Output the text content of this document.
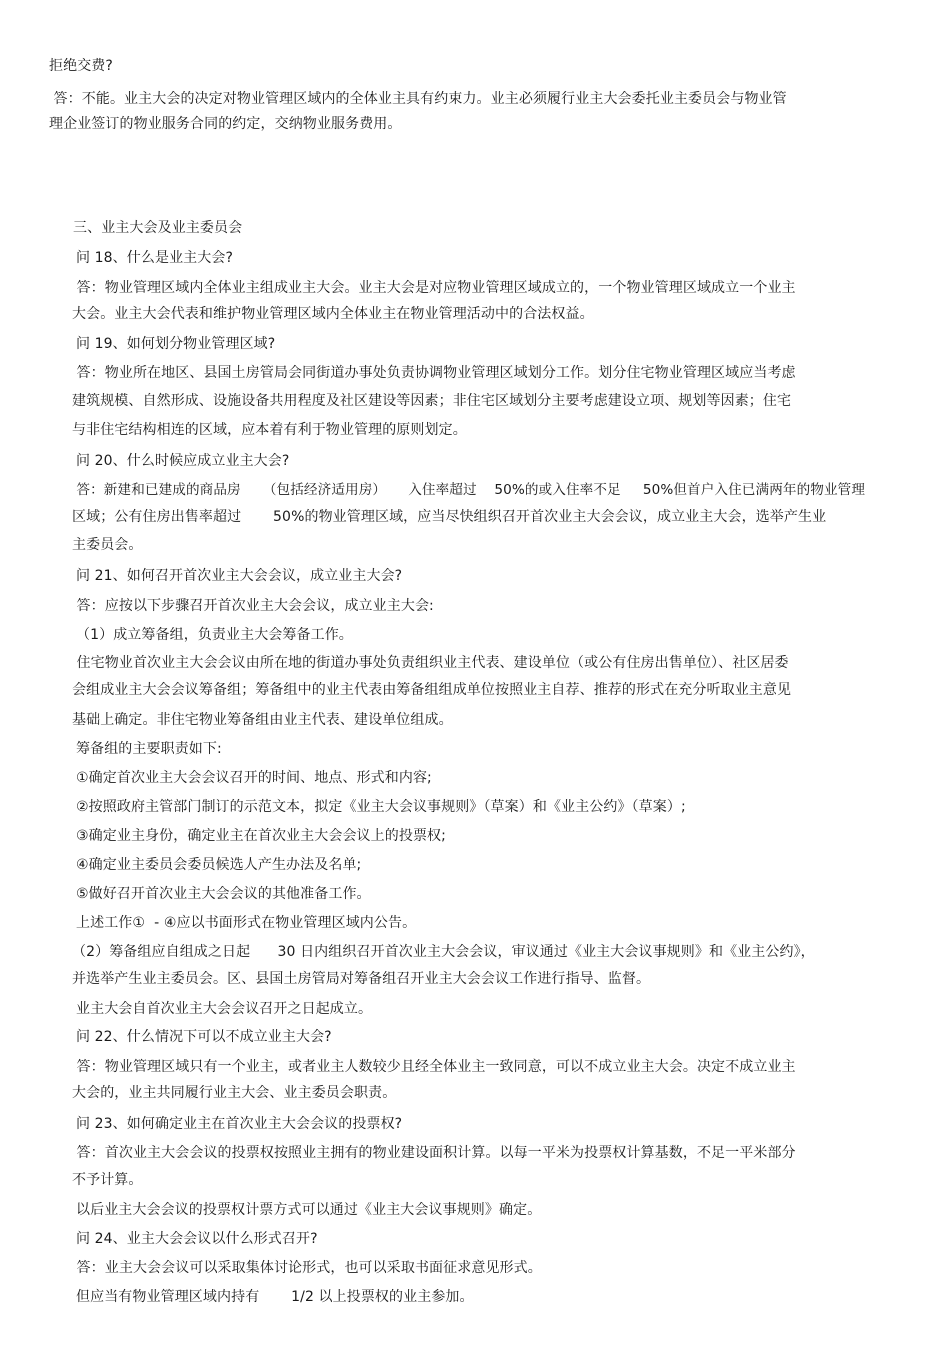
拒绝交费?
答：不能。业主大会的决定对物业管理区域内的全体业主具有约束力。业主必须履行业主大会委托业主委员会与物业管
理企业签订的物业服务合同的约定，交纳物业服务费用。
三、业主大会及业主委员会
问 18、什么是业主大会?
答：物业管理区域内全体业主组成业主大会。业主大会是对应物业管理区域成立的，一个物业管理区域成立一个业主
大会。业主大会代表和维护物业管理区域内全体业主在物业管理活动中的合法权益。
问 19、如何划分物业管理区域?
答：物业所在地区、县国土房管局会同街道办事处负责协调物业管理区域划分工作。划分住宅物业管理区域应当考虑
建筑规模、自然形成、设施设备共用程度及社区建设等因素；非住宅区域划分主要考虑建设立项、规划等因素；住宅
与非住宅结构相连的区域，应本着有利于物业管理的原则划定。
问 20、什么时候应成立业主大会?
答：新建和已建成的商品房     （包括经济适用房）     入住率超过    50%的或入住率不足     50%但首户入住已满两年的物业管理
区域；公有住房出售率超过       50%的物业管理区域，应当尽快组织召开首次业主大会会议，成立业主大会，选举产生业
主委员会。
问 21、如何召开首次业主大会会议，成立业主大会?
答：应按以下步骤召开首次业主大会会议，成立业主大会:
（1）成立筹备组，负责业主大会筹备工作。
住宅物业首次业主大会会议由所在地的街道办事处负责组织业主代表、建设单位（或公有住房出售单位）、社区居委
会组成业主大会会议筹备组；筹备组中的业主代表由筹备组组成单位按照业主自荐、推荐的形式在充分听取业主意见
基础上确定。非住宅物业筹备组由业主代表、建设单位组成。
筹备组的主要职责如下:
①确定首次业主大会会议召开的时间、地点、形式和内容;
②按照政府主管部门制订的示范文本，拟定《业主大会议事规则》（草案）和《业主公约》（草案）;
③确定业主身份，确定业主在首次业主大会会议上的投票权;
④确定业主委员会委员候选人产生办法及名单;
⑤做好召开首次业主大会会议的其他准备工作。
上述工作①  - ④应以书面形式在物业管理区域内公告。
（2）筹备组应自组成之日起      30 日内组织召开首次业主大会会议，审议通过《业主大会议事规则》和《业主公约》，
并选举产生业主委员会。区、县国土房管局对筹备组召开业主大会会议工作进行指导、监督。
业主大会自首次业主大会会议召开之日起成立。
问 22、什么情况下可以不成立业主大会?
答：物业管理区域只有一个业主，或者业主人数较少且经全体业主一致同意，可以不成立业主大会。决定不成立业主
大会的，业主共同履行业主大会、业主委员会职责。
问 23、如何确定业主在首次业主大会会议的投票权?
答：首次业主大会会议的投票权按照业主拥有的物业建设面积计算。以每一平米为投票权计算基数，不足一平米部分
不予计算。
以后业主大会会议的投票权计票方式可以通过《业主大会议事规则》确定。
问 24、业主大会会议以什么形式召开?
答：业主大会会议可以采取集体讨论形式，也可以采取书面征求意见形式。
但应当有物业管理区域内持有       1/2 以上投票权的业主参加。
